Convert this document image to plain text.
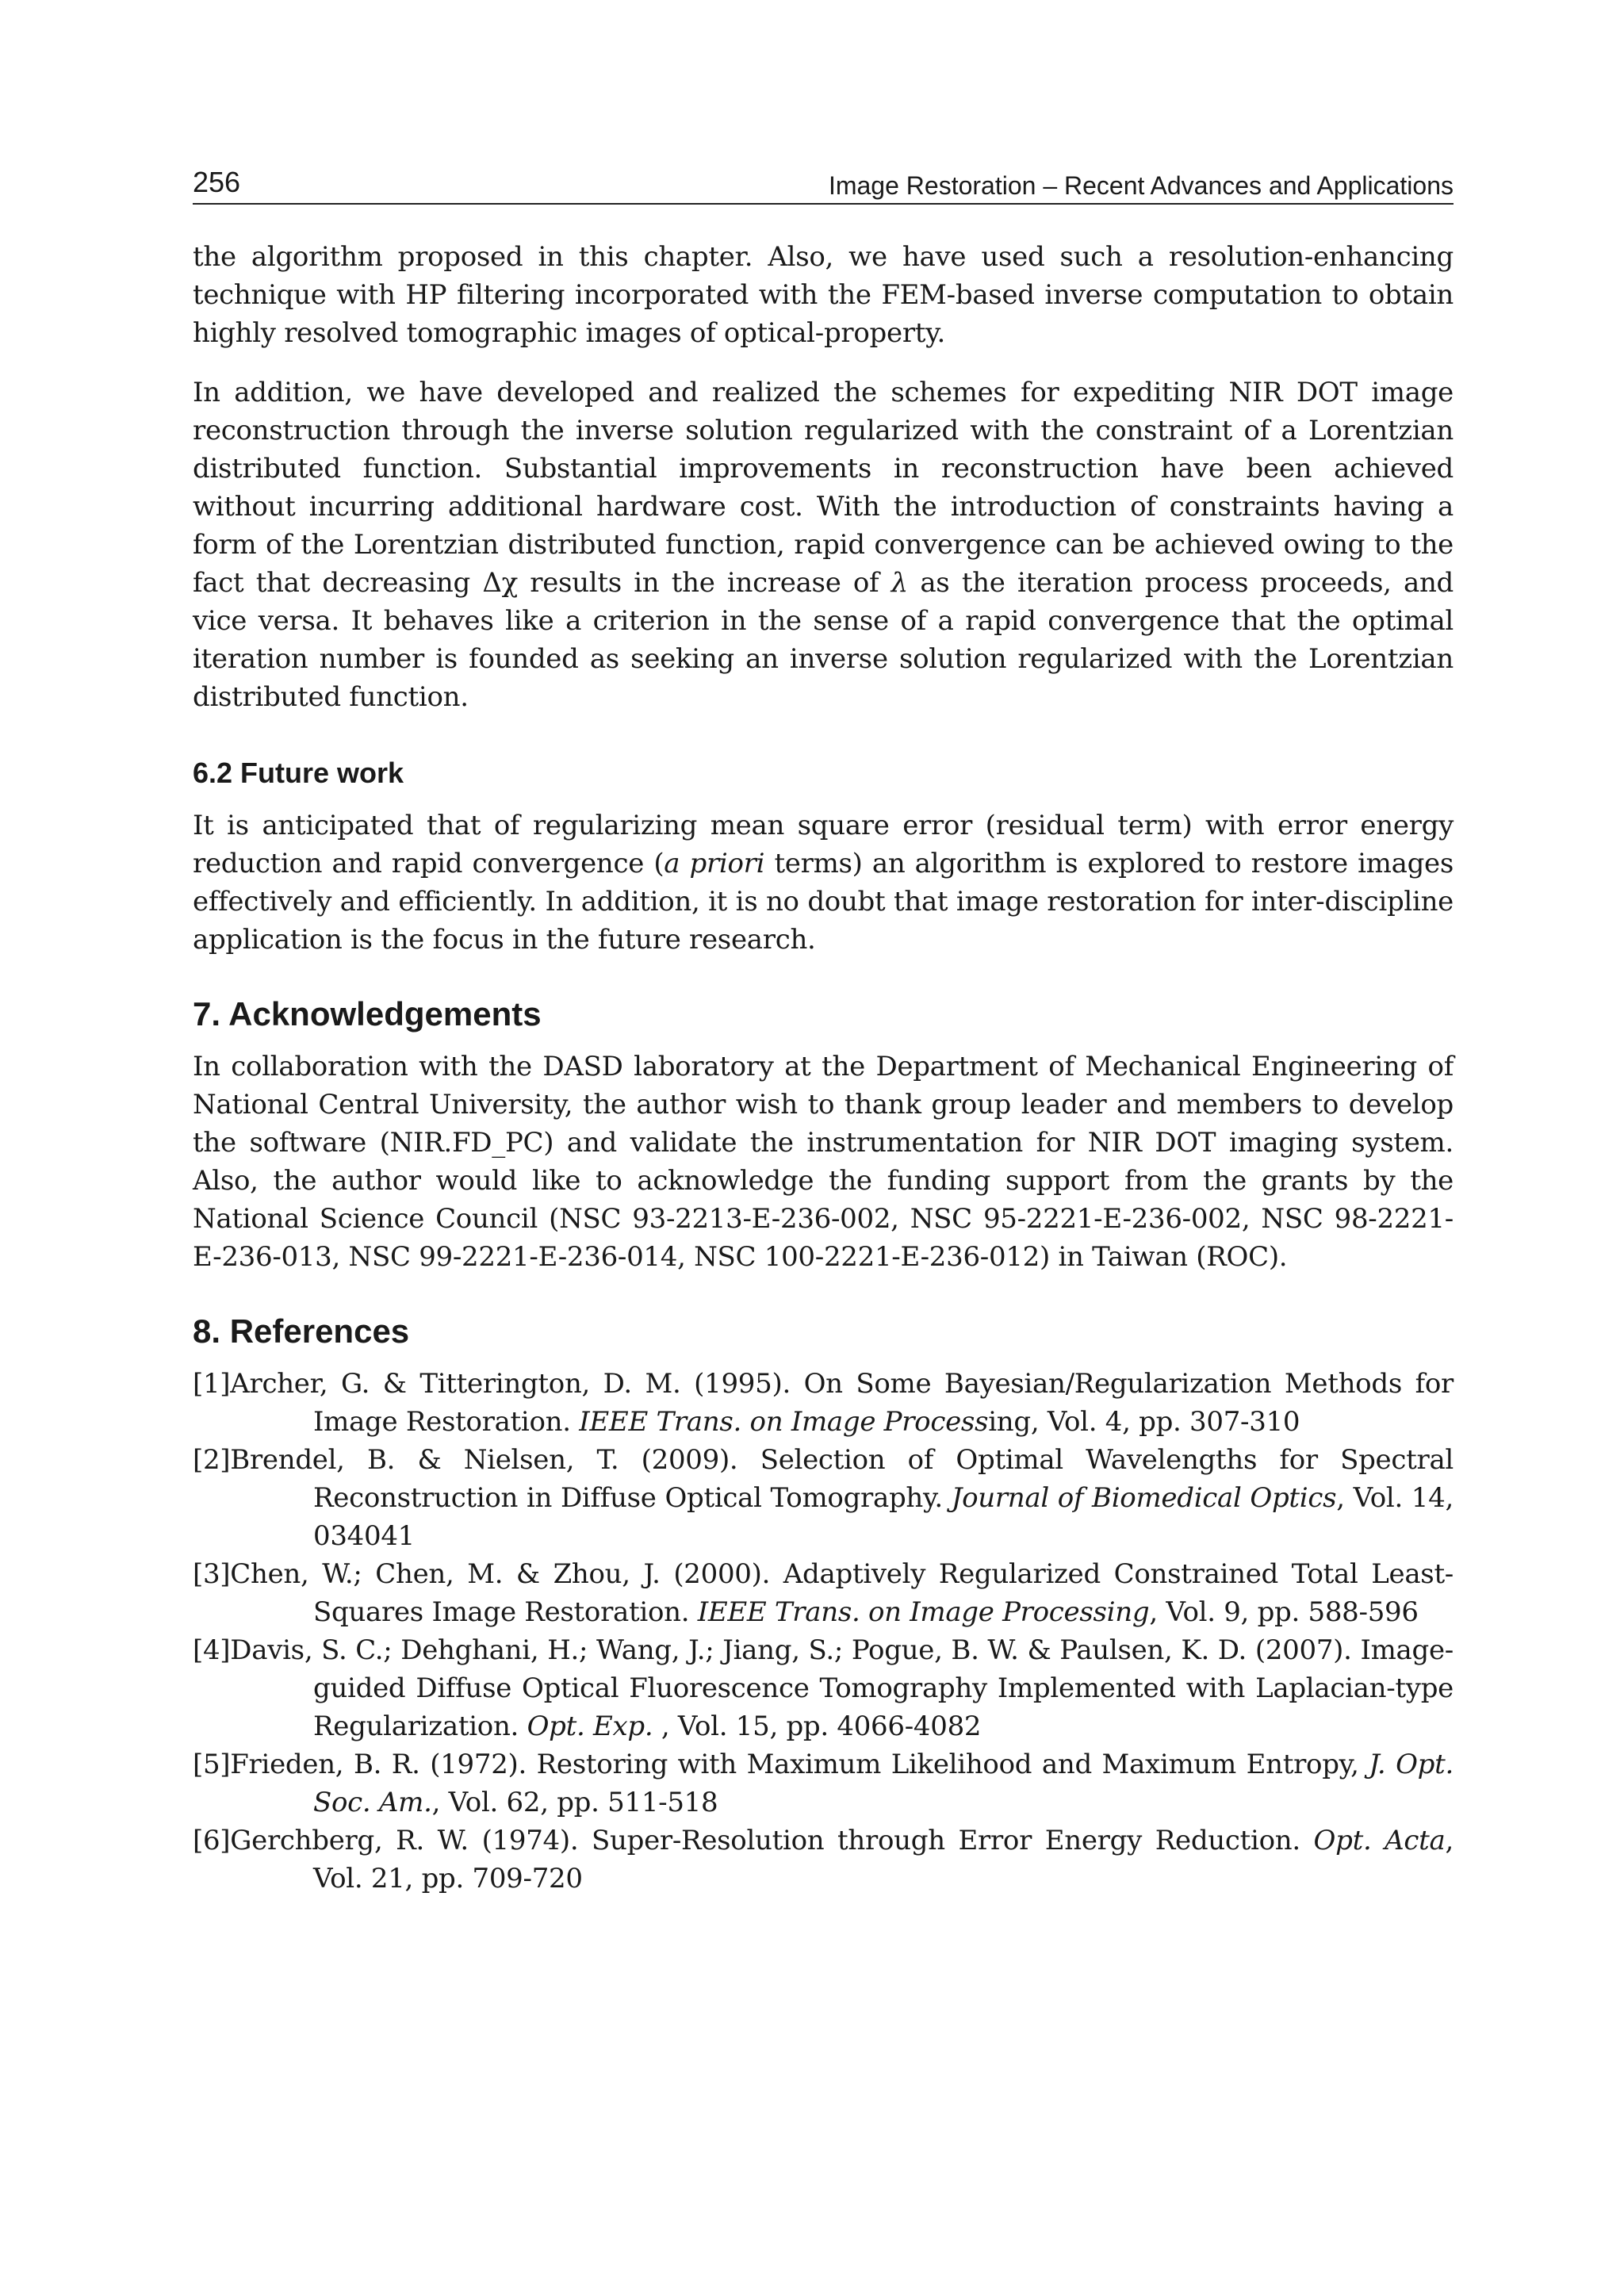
256	Image Restoration – Recent Advances and Applications

the algorithm proposed in this chapter. Also, we have used such a resolution-enhancing technique with HP filtering incorporated with the FEM-based inverse computation to obtain highly resolved tomographic images of optical-property.

In addition, we have developed and realized the schemes for expediting NIR DOT image reconstruction through the inverse solution regularized with the constraint of a Lorentzian distributed function. Substantial improvements in reconstruction have been achieved without incurring additional hardware cost. With the introduction of constraints having a form of the Lorentzian distributed function, rapid convergence can be achieved owing to the fact that decreasing Δχ results in the increase of λ as the iteration process proceeds, and vice versa. It behaves like a criterion in the sense of a rapid convergence that the optimal iteration number is founded as seeking an inverse solution regularized with the Lorentzian distributed function.

6.2 Future work

It is anticipated that of regularizing mean square error (residual term) with error energy reduction and rapid convergence (a priori terms) an algorithm is explored to restore images effectively and efficiently. In addition, it is no doubt that image restoration for inter-discipline application is the focus in the future research.

7. Acknowledgements

In collaboration with the DASD laboratory at the Department of Mechanical Engineering of National Central University, the author wish to thank group leader and members to develop the software (NIR.FD_PC) and validate the instrumentation for NIR DOT imaging system. Also, the author would like to acknowledge the funding support from the grants by the National Science Council (NSC 93-2213-E-236-002, NSC 95-2221-E-236-002, NSC 98-2221-E-236-013, NSC 99-2221-E-236-014, NSC 100-2221-E-236-012) in Taiwan (ROC).

8. References
[1]Archer, G. & Titterington, D. M. (1995). On Some Bayesian/Regularization Methods for Image Restoration. IEEE Trans. on Image Processing, Vol. 4, pp. 307-310
[2]Brendel, B. & Nielsen, T. (2009). Selection of Optimal Wavelengths for Spectral Reconstruction in Diffuse Optical Tomography. Journal of Biomedical Optics, Vol. 14, 034041
[3]Chen, W.; Chen, M. & Zhou, J. (2000). Adaptively Regularized Constrained Total Least-Squares Image Restoration. IEEE Trans. on Image Processing, Vol. 9, pp. 588-596
[4]Davis, S. C.; Dehghani, H.; Wang, J.; Jiang, S.; Pogue, B. W. & Paulsen, K. D. (2007). Image-guided Diffuse Optical Fluorescence Tomography Implemented with Laplacian-type Regularization. Opt. Exp. , Vol. 15, pp. 4066-4082
[5]Frieden, B. R. (1972). Restoring with Maximum Likelihood and Maximum Entropy, J. Opt. Soc. Am., Vol. 62, pp. 511-518
[6]Gerchberg, R. W. (1974). Super-Resolution through Error Energy Reduction. Opt. Acta, Vol. 21, pp. 709-720
